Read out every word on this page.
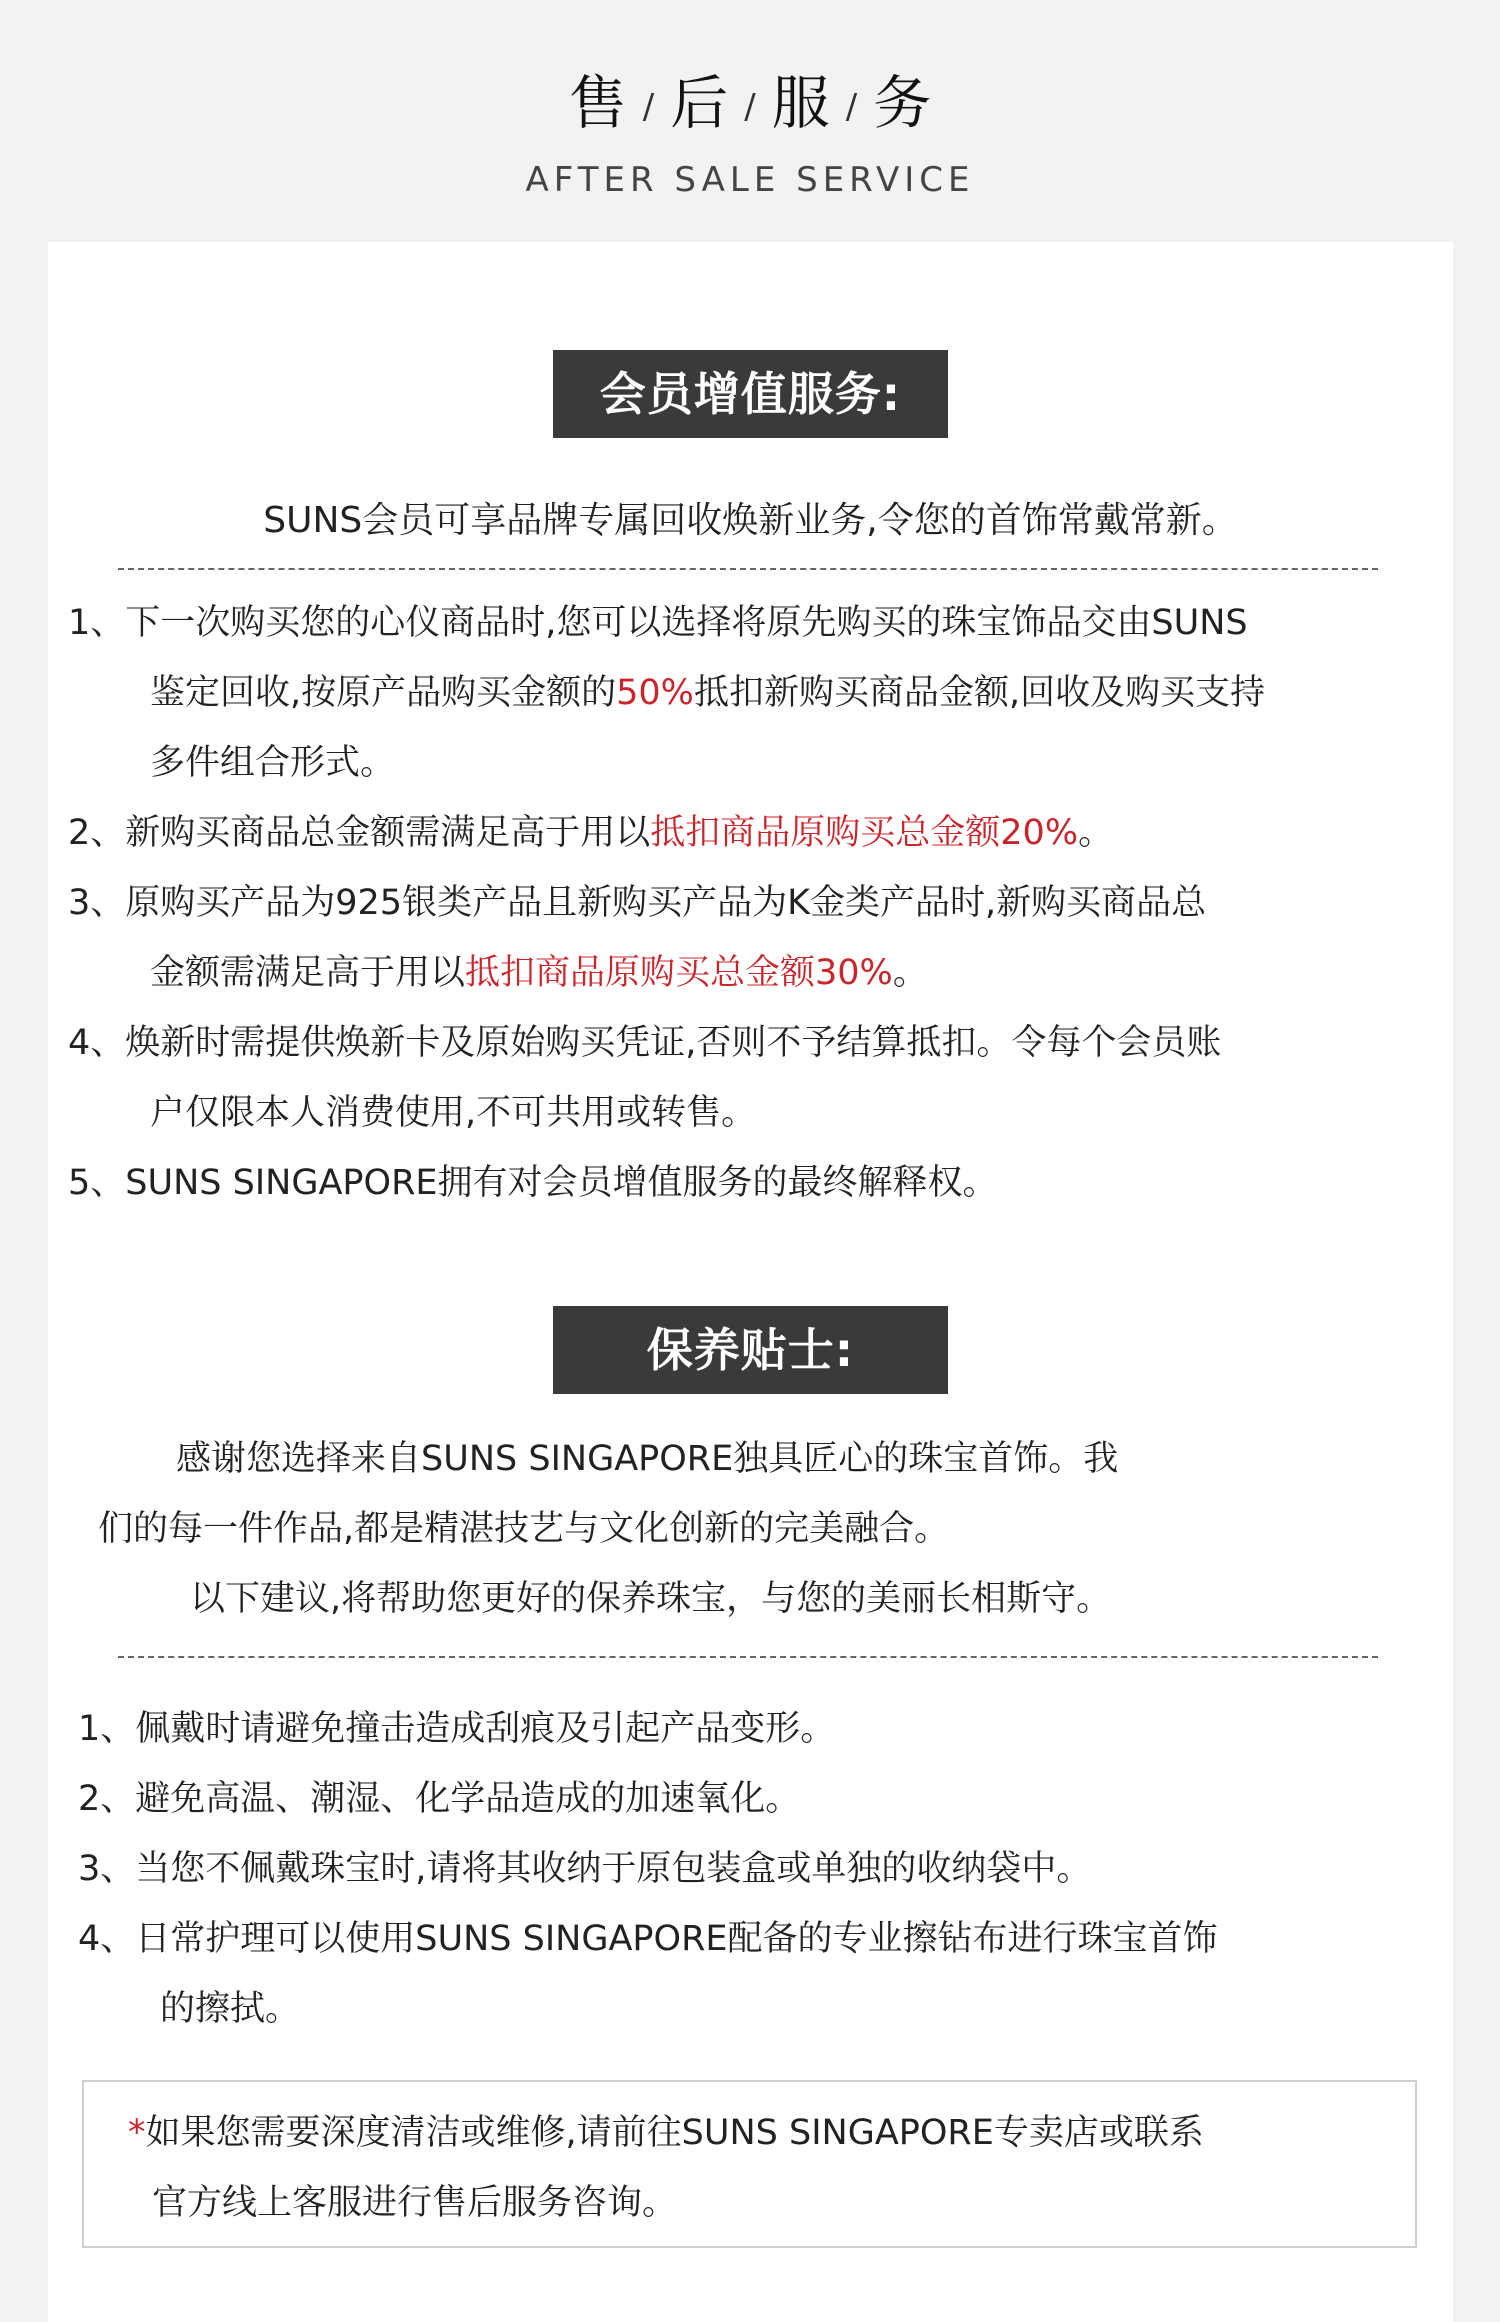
售 / 后 / 服 / 务
AFTER SALE SERVICE
会员增值服务:
SUNS会员可享品牌专属回收焕新业务,令您的首饰常戴常新。
1、下一次购买您的心仪商品时,您可以选择将原先购买的珠宝饰品交由SUNS
鉴定回收,按原产品购买金额的50%抵扣新购买商品金额,回收及购买支持
多件组合形式。
2、新购买商品总金额需满足高于用以抵扣商品原购买总金额20%。
3、原购买产品为925银类产品且新购买产品为K金类产品时,新购买商品总
金额需满足高于用以抵扣商品原购买总金额30%。
4、焕新时需提供焕新卡及原始购买凭证,否则不予结算抵扣。令每个会员账
户仅限本人消费使用,不可共用或转售。
5、SUNS SINGAPORE拥有对会员增值服务的最终解释权。
保养贴士:
感谢您选择来自SUNS SINGAPORE独具匠心的珠宝首饰。我
们的每一件作品,都是精湛技艺与文化创新的完美融合。
以下建议,将帮助您更好的保养珠宝，与您的美丽长相斯守。
1、佩戴时请避免撞击造成刮痕及引起产品变形。
2、避免高温、潮湿、化学品造成的加速氧化。
3、当您不佩戴珠宝时,请将其收纳于原包装盒或单独的收纳袋中。
4、日常护理可以使用SUNS SINGAPORE配备的专业擦钻布进行珠宝首饰
的擦拭。
*如果您需要深度清洁或维修,请前往SUNS SINGAPORE专卖店或联系
官方线上客服进行售后服务咨询。
